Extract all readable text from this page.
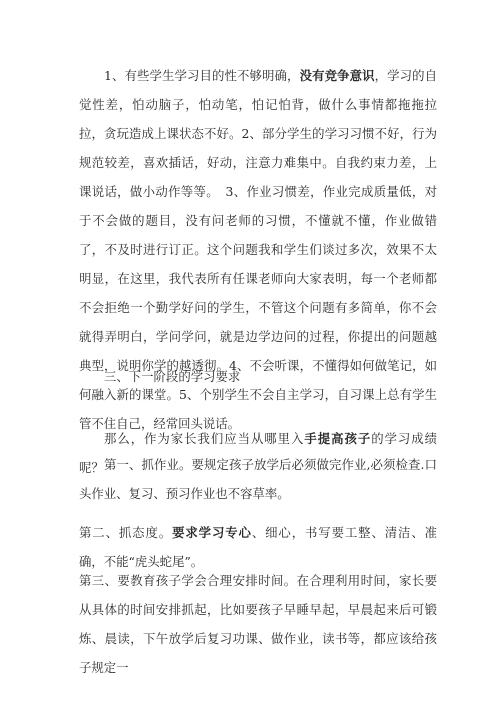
1、有些学生学习目的性不够明确，没有竞争意识，学习的自觉性差，怕动脑子，怕动笔，怕记怕背，做什么事情都拖拖拉拉，贪玩造成上课状态不好。2、部分学生的学习习惯不好，行为规范较差，喜欢插话，好动，注意力难集中。自我约束力差，上课说话，做小动作等等。　3、作业习惯差，作业完成质量低，对于不会做的题目，没有问老师的习惯，不懂就不懂，作业做错了，不及时进行订正。这个问题我和学生们谈过多次，效果不太明显，在这里，我代表所有任课老师向大家表明，每一个老师都不会拒绝一个勤学好问的学生，不管这个问题有多简单，你不会就得弄明白，学问学问，就是边学边问的过程，你提出的问题越典型，说明你学的越透彻。4、不会听课，不懂得如何做笔记，如何融入新的课堂。5、个别学生不会自主学习，自习课上总有学生管不住自己，经常回头说话。

三、下一阶段的学习要求

那么，作为家长我们应当从哪里入手提高孩子的学习成绩呢？ 第一、抓作业。要规定孩子放学后必须做完作业,必须检查.口头作业、复习、预习作业也不容草率。

第二、抓态度。要求学习专心、细心，书写要工整、清洁、准确，不能“虎头蛇尾”。

第三、要教育孩子学会合理安排时间。在合理利用时间，家长要从具体的时间安排抓起，比如要孩子早睡早起，早晨起来后可锻炼、晨读，下午放学后复习功课、做作业，读书等，都应该给孩子规定一
